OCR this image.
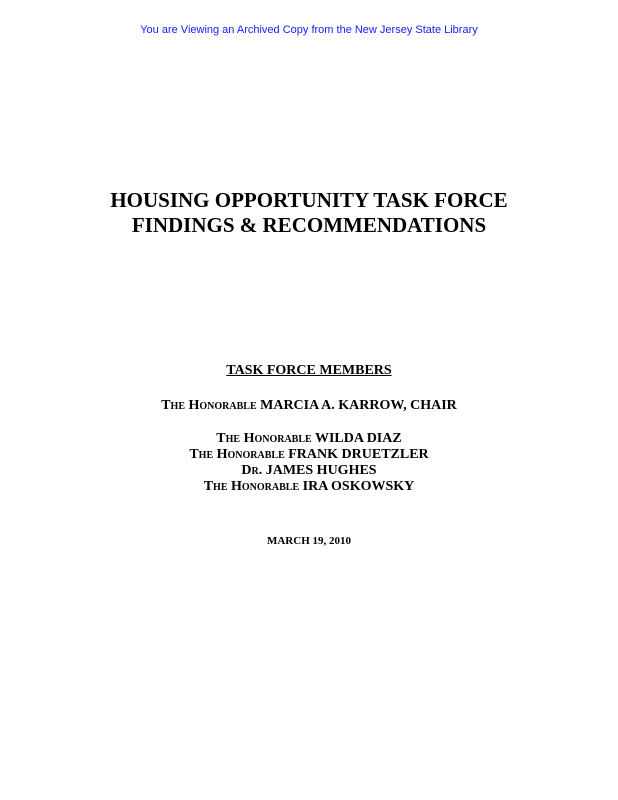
You are Viewing an Archived Copy from the New Jersey State Library
HOUSING OPPORTUNITY TASK FORCE
FINDINGS & RECOMMENDATIONS
TASK FORCE MEMBERS
The Honorable MARCIA A. KARROW, CHAIR
The Honorable WILDA DIAZ
The Honorable FRANK DRUETZLER
Dr. JAMES HUGHES
The Honorable IRA OSKOWSKY
MARCH 19, 2010
